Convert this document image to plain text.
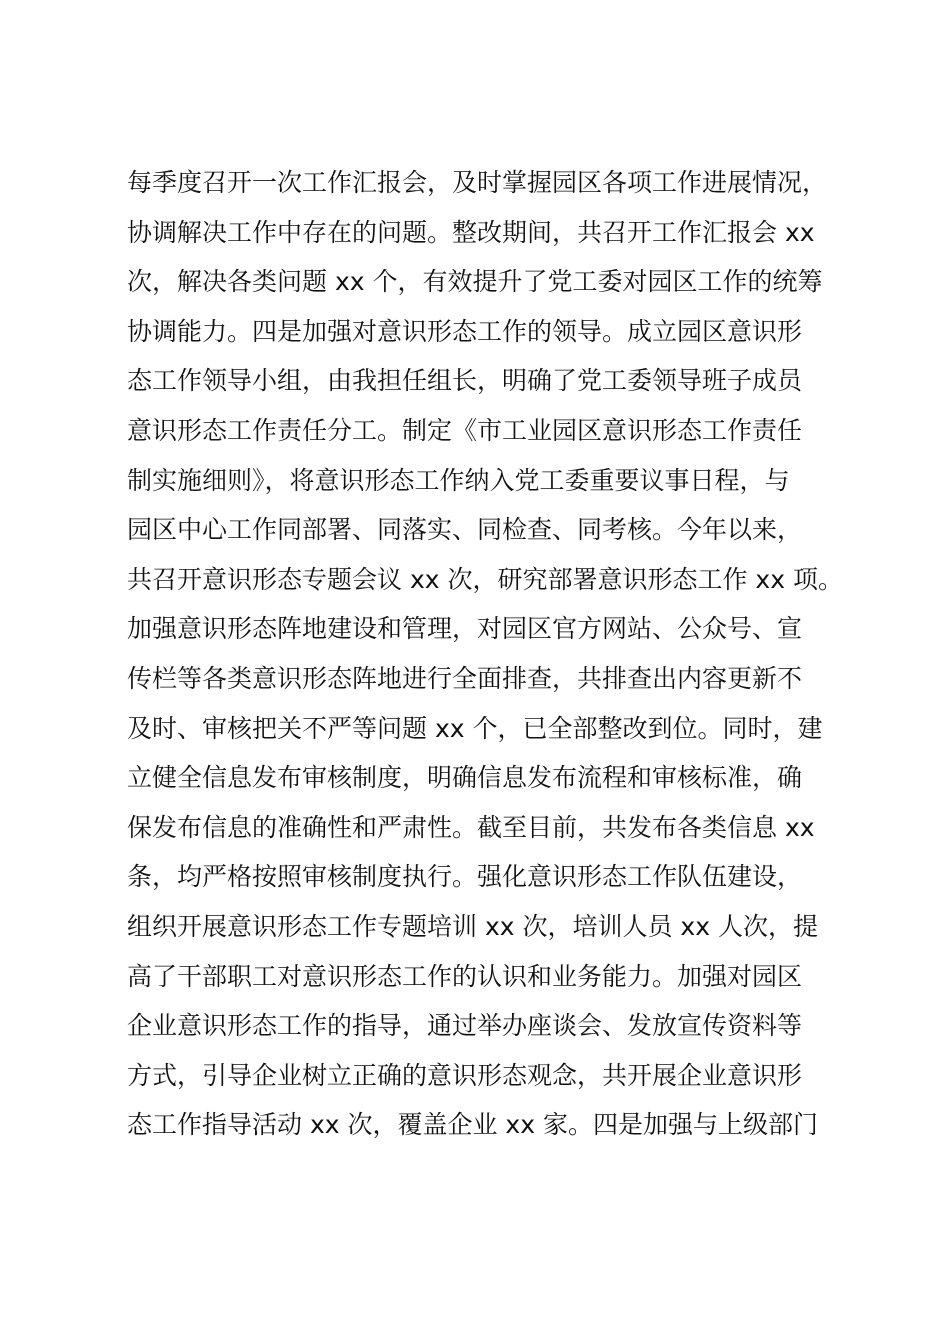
每季度召开一次工作汇报会，及时掌握园区各项工作进展情况，
协调解决工作中存在的问题。整改期间，共召开工作汇报会 xx
次，解决各类问题 xx 个，有效提升了党工委对园区工作的统筹
协调能力。四是加强对意识形态工作的领导。成立园区意识形
态工作领导小组，由我担任组长，明确了党工委领导班子成员
意识形态工作责任分工。制定《市工业园区意识形态工作责任
制实施细则》，将意识形态工作纳入党工委重要议事日程，与
园区中心工作同部署、同落实、同检查、同考核。今年以来，
共召开意识形态专题会议 xx 次，研究部署意识形态工作 xx 项。
加强意识形态阵地建设和管理，对园区官方网站、公众号、宣
传栏等各类意识形态阵地进行全面排查，共排查出内容更新不
及时、审核把关不严等问题 xx 个，已全部整改到位。同时，建
立健全信息发布审核制度，明确信息发布流程和审核标准，确
保发布信息的准确性和严肃性。截至目前，共发布各类信息 xx
条，均严格按照审核制度执行。强化意识形态工作队伍建设，
组织开展意识形态工作专题培训 xx 次，培训人员 xx 人次，提
高了干部职工对意识形态工作的认识和业务能力。加强对园区
企业意识形态工作的指导，通过举办座谈会、发放宣传资料等
方式，引导企业树立正确的意识形态观念，共开展企业意识形
态工作指导活动 xx 次，覆盖企业 xx 家。四是加强与上级部门
